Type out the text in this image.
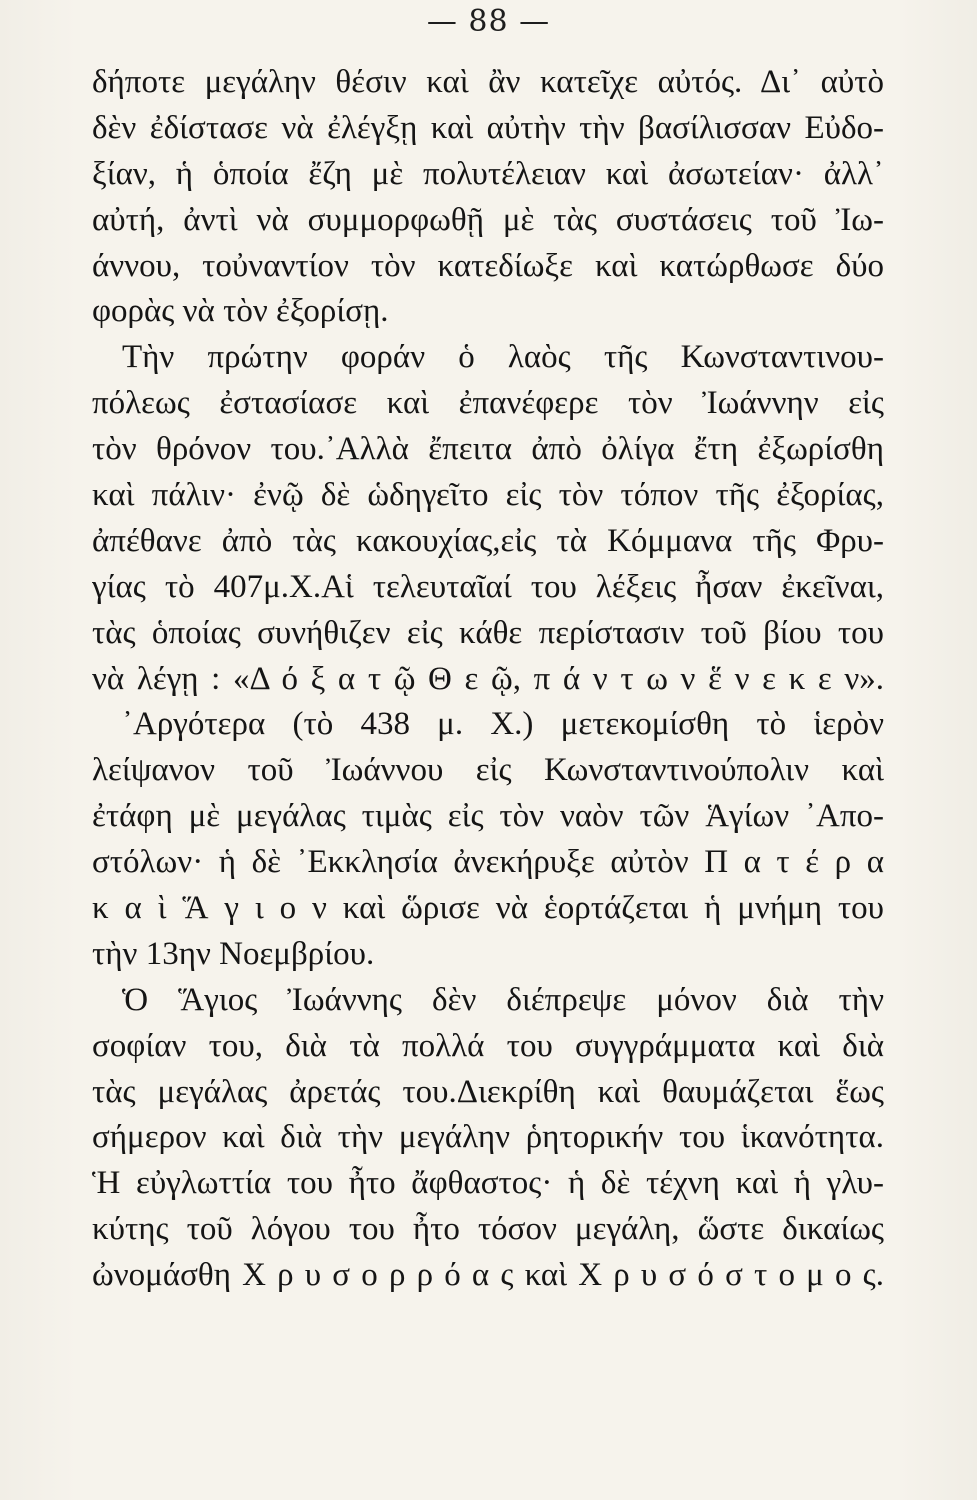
— 88 —
δήποτε μεγάλην θέσιν καὶ ἂν κατεῖχε αὐτός. Δι᾽ αὐτὸ
δὲν ἐδίστασε νὰ ἐλέγξῃ καὶ αὐτὴν τὴν βασίλισσαν Εὐδο-
ξίαν, ἡ ὁποία ἔζη μὲ πολυτέλειαν καὶ ἀσωτείαν· ἀλλ᾽
αὐτή, ἀντὶ νὰ συμμορφωθῇ μὲ τὰς συστάσεις τοῦ Ἰω-
άννου, τοὐναντίον τὸν κατεδίωξε καὶ κατώρθωσε δύο
φορὰς νὰ τὸν ἐξορίσῃ.
Τὴν πρώτην φοράν ὁ λαὸς τῆς Κωνσταντινου-
πόλεως ἐστασίασε καὶ ἐπανέφερε τὸν Ἰωάννην εἰς
τὸν θρόνον του.᾽Αλλὰ ἔπειτα ἀπὸ ὀλίγα ἔτη ἐξωρίσθη
καὶ πάλιν· ἐνῷ δὲ ὡδηγεῖτο εἰς τὸν τόπον τῆς ἐξορίας,
ἀπέθανε ἀπὸ τὰς κακουχίας,εἰς τὰ Κόμμανα τῆς Φρυ-
γίας τὸ 407μ.Χ.Αἱ τελευταῖαί του λέξεις ἦσαν ἐκεῖναι,
τὰς ὁποίας συνήθιζεν εἰς κάθε περίστασιν τοῦ βίου του
νὰ λέγῃ : «Δ ό ξ α τ ῷ Θ ε ῷ, π ά ν τ ω ν ἕ ν ε κ ε ν».
᾽Αργότερα (τὸ 438 μ. Χ.) μετεκομίσθη τὸ ἱερὸν
λείψανον τοῦ Ἰωάννου εἰς Κωνσταντινούπολιν καὶ
ἐτάφη μὲ μεγάλας τιμὰς εἰς τὸν ναὸν τῶν Ἁγίων ᾽Απο-
στόλων· ἡ δὲ ᾽Εκκλησία ἀνεκήρυξε αὐτὸν Π α τ έ ρ α
κ α ὶ Ἅ γ ι ο ν καὶ ὥρισε νὰ ἑορτάζεται ἡ μνήμη του
τὴν 13ην Νοεμβρίου.
Ὁ Ἅγιος Ἰωάννης δὲν διέπρεψε μόνον διὰ τὴν
σοφίαν του, διὰ τὰ πολλά του συγγράμματα καὶ διὰ
τὰς μεγάλας ἀρετάς του.Διεκρίθη καὶ θαυμάζεται ἕως
σήμερον καὶ διὰ τὴν μεγάλην ῥητορικήν του ἱκανότητα.
Ἡ εὐγλωττία του ἦτο ἄφθαστος· ἡ δὲ τέχνη καὶ ἡ γλυ-
κύτης τοῦ λόγου του ἦτο τόσον μεγάλη, ὥστε δικαίως
ὠνομάσθη Χ ρ υ σ ο ρ ρ ό α ς καὶ Χ ρ υ σ ό σ τ ο μ ο ς.
